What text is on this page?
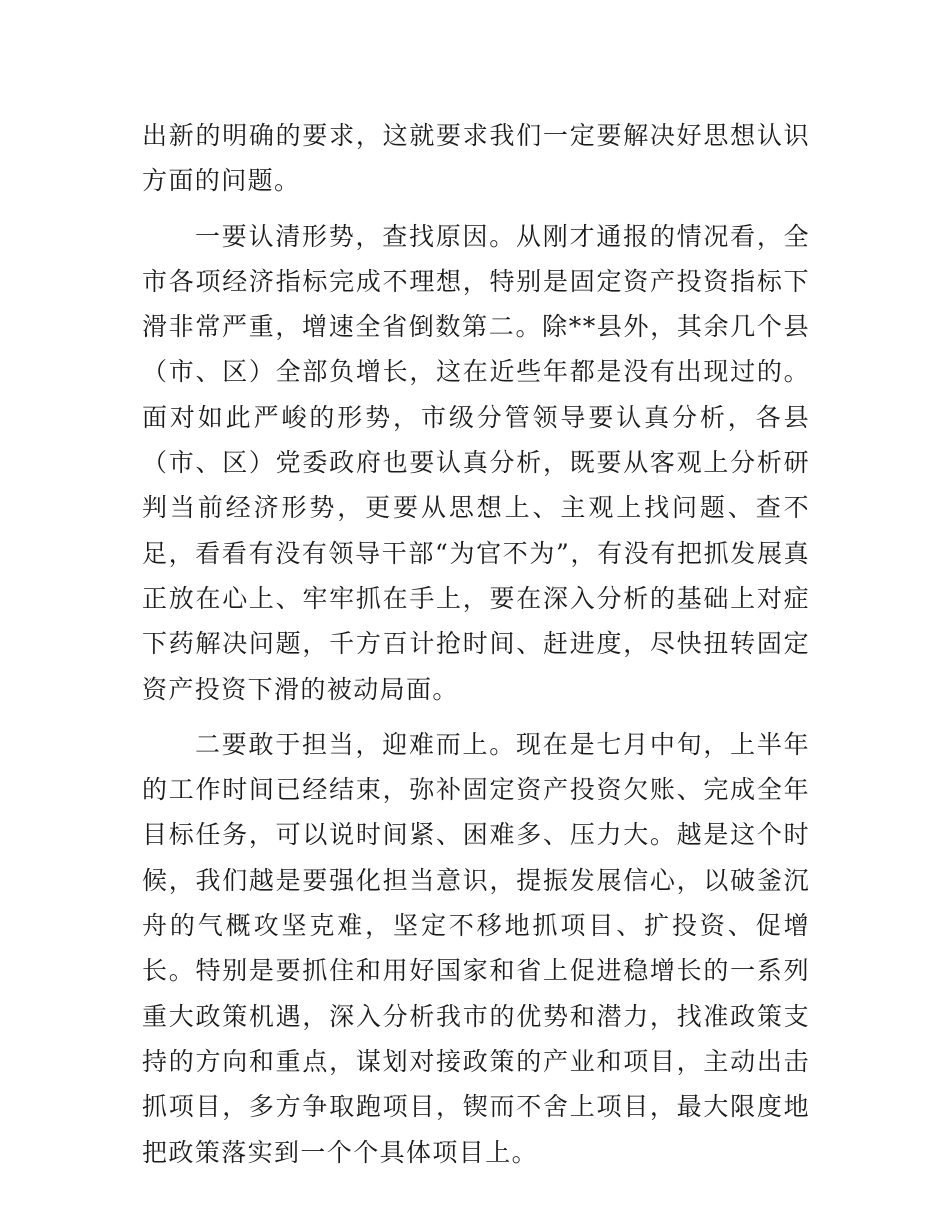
出新的明确的要求，这就要求我们一定要解决好思想认识方面的问题。

一要认清形势，查找原因。从刚才通报的情况看，全市各项经济指标完成不理想，特别是固定资产投资指标下滑非常严重，增速全省倒数第二。除**县外，其余几个县（市、区）全部负增长，这在近些年都是没有出现过的。面对如此严峻的形势，市级分管领导要认真分析，各县（市、区）党委政府也要认真分析，既要从客观上分析研判当前经济形势，更要从思想上、主观上找问题、查不足，看看有没有领导干部“为官不为”，有没有把抓发展真正放在心上、牢牢抓在手上，要在深入分析的基础上对症下药解决问题，千方百计抢时间、赶进度，尽快扭转固定资产投资下滑的被动局面。

二要敢于担当，迎难而上。现在是七月中旬，上半年的工作时间已经结束，弥补固定资产投资欠账、完成全年目标任务，可以说时间紧、困难多、压力大。越是这个时候，我们越是要强化担当意识，提振发展信心，以破釜沉舟的气概攻坚克难，坚定不移地抓项目、扩投资、促增长。特别是要抓住和用好国家和省上促进稳增长的一系列重大政策机遇，深入分析我市的优势和潜力，找准政策支持的方向和重点，谋划对接政策的产业和项目，主动出击抓项目，多方争取跑项目，锲而不舍上项目，最大限度地把政策落实到一个个具体项目上。
